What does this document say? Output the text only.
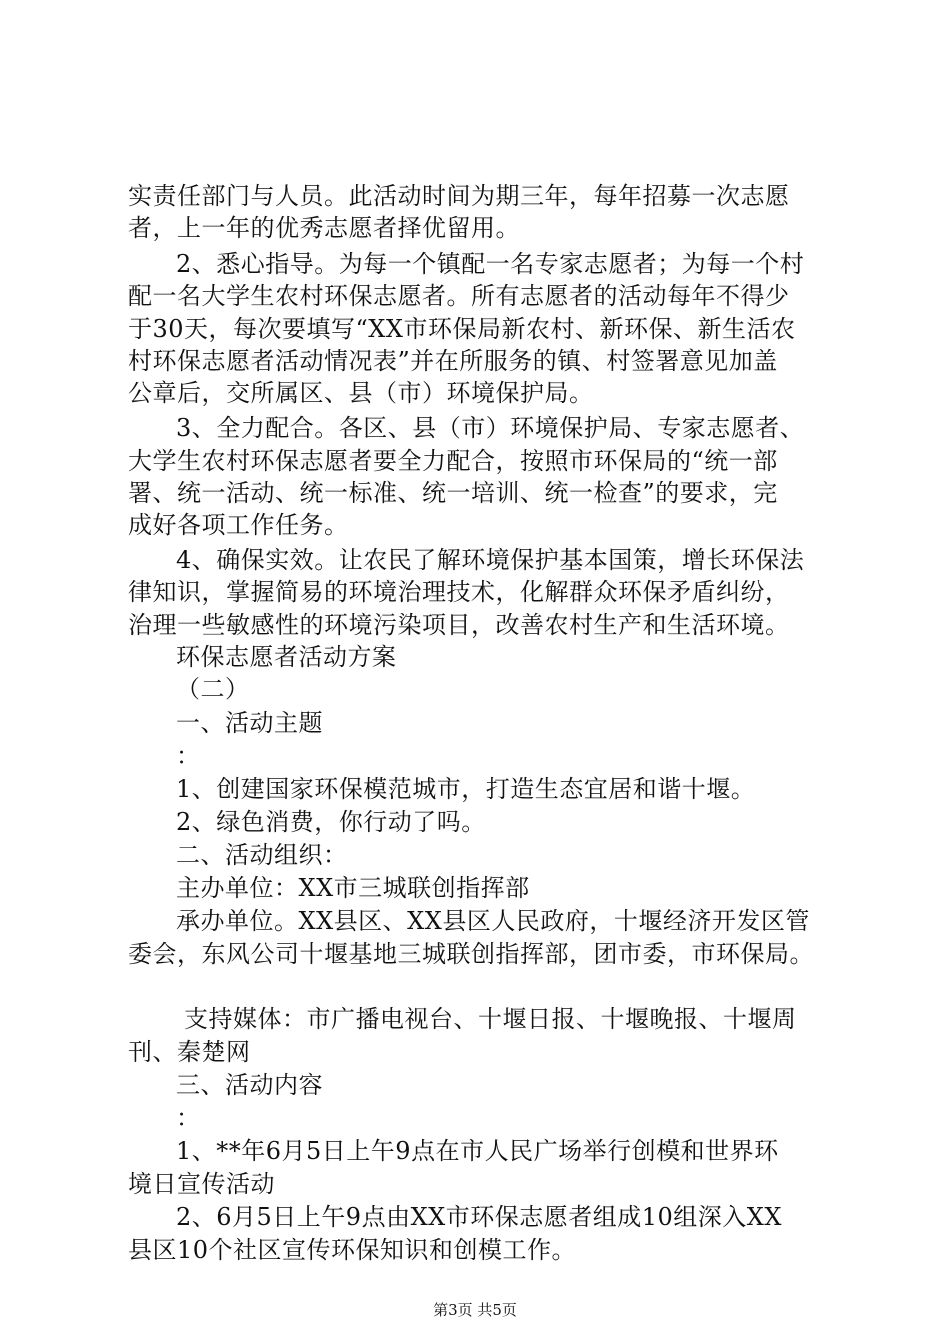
实责任部门与人员。此活动时间为期三年，每年招募一次志愿
者，上一年的优秀志愿者择优留用。
2、悉心指导。为每一个镇配一名专家志愿者；为每一个村
配一名大学生农村环保志愿者。所有志愿者的活动每年不得少
于30天，每次要填写“XX市环保局新农村、新环保、新生活农
村环保志愿者活动情况表”并在所服务的镇、村签署意见加盖
公章后，交所属区、县（市）环境保护局。
3、全力配合。各区、县（市）环境保护局、专家志愿者、
大学生农村环保志愿者要全力配合，按照市环保局的“统一部
署、统一活动、统一标准、统一培训、统一检查”的要求，完
成好各项工作任务。
4、确保实效。让农民了解环境保护基本国策，增长环保法
律知识，掌握简易的环境治理技术，化解群众环保矛盾纠纷，
治理一些敏感性的环境污染项目，改善农村生产和生活环境。
环保志愿者活动方案
（二）
一、活动主题
：
1、创建国家环保模范城市，打造生态宜居和谐十堰。
2、绿色消费，你行动了吗。
二、活动组织：
主办单位：XX市三城联创指挥部
承办单位。XX县区、XX县区人民政府，十堰经济开发区管
委会，东风公司十堰基地三城联创指挥部，团市委，市环保局。
支持媒体：市广播电视台、十堰日报、十堰晚报、十堰周
刊、秦楚网
三、活动内容
：
1、**年6月5日上午9点在市人民广场举行创模和世界环
境日宣传活动
2、6月5日上午9点由XX市环保志愿者组成10组深入XX
县区10个社区宣传环保知识和创模工作。
第3页 共5页
